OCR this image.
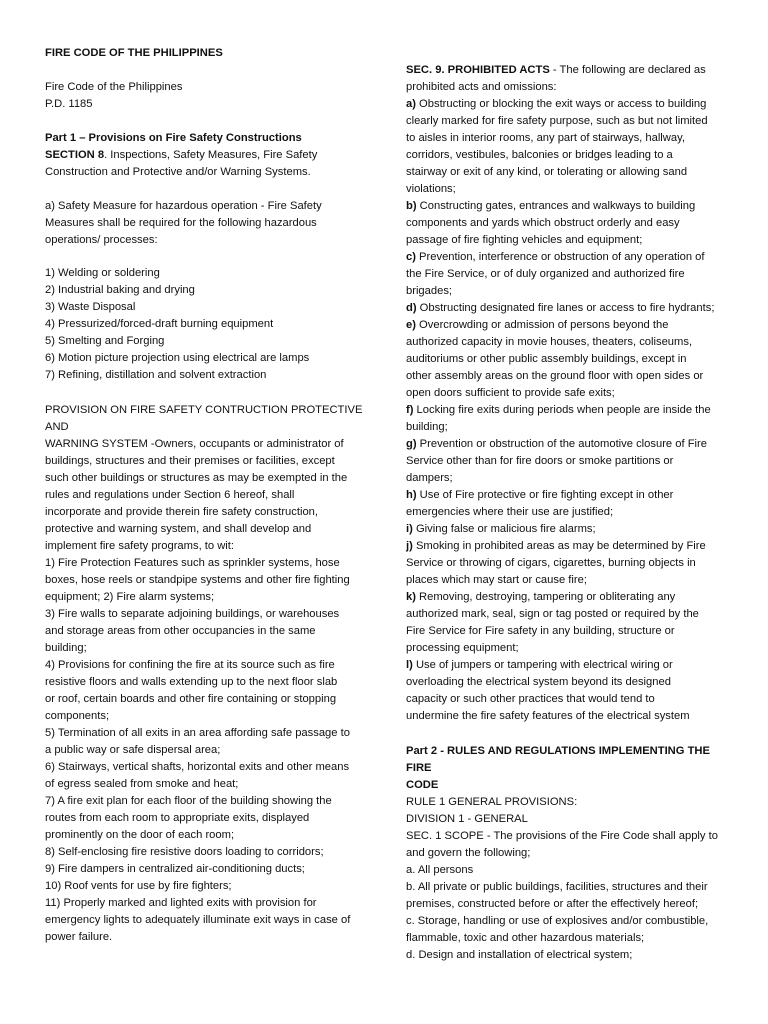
FIRE CODE OF THE PHILIPPINES

Fire Code of the Philippines

P.D. 1185

Part 1 – Provisions on Fire Safety Constructions

SECTION 8. Inspections, Safety Measures, Fire Safety

Construction and Protective and/or Warning Systems.

a) Safety Measure for hazardous operation - Fire Safety

Measures shall be required for the following hazardous

operations/ processes:

1) Welding or soldering

2) Industrial baking and drying

3) Waste Disposal

4) Pressurized/forced-draft burning equipment

5) Smelting and Forging

6) Motion picture projection using electrical are lamps

7) Refining, distillation and solvent extraction

PROVISION ON FIRE SAFETY CONTRUCTION PROTECTIVE AND

WARNING SYSTEM -Owners, occupants or administrator of

buildings, structures and their premises or facilities, except

such other buildings or structures as may be exempted in the

rules and regulations under Section 6 hereof, shall

incorporate and provide therein fire safety construction,

protective and warning system, and shall develop and

implement fire safety programs, to wit:

1) Fire Protection Features such as sprinkler systems, hose

boxes, hose reels or standpipe systems and other fire fighting

equipment; 2) Fire alarm systems;

3) Fire walls to separate adjoining buildings, or warehouses

and storage areas from other occupancies in the same

building;

4) Provisions for confining the fire at its source such as fire

resistive floors and walls extending up to the next floor slab

or roof, certain boards and other fire containing or stopping

components;

5) Termination of all exits in an area affording safe passage to

a public way or safe dispersal area;

6) Stairways, vertical shafts, horizontal exits and other means

of egress sealed from smoke and heat;

7) A fire exit plan for each floor of the building showing the

routes from each room to appropriate exits, displayed

prominently on the door of each room;

8) Self-enclosing fire resistive doors loading to corridors;

9) Fire dampers in centralized air-conditioning ducts;

10) Roof vents for use by fire fighters;

11) Properly marked and lighted exits with provision for

emergency lights to adequately illuminate exit ways in case of

power failure.

SEC. 9. PROHIBITED ACTS - The following are declared as

prohibited acts and omissions:

a) Obstructing or blocking the exit ways or access to building

clearly marked for fire safety purpose, such as but not limited

to aisles in interior rooms, any part of stairways, hallway,

corridors, vestibules, balconies or bridges leading to a

stairway or exit of any kind, or tolerating or allowing sand

violations;

b) Constructing gates, entrances and walkways to building

components and yards which obstruct orderly and easy

passage of fire fighting vehicles and equipment;

c) Prevention, interference or obstruction of any operation of

the Fire Service, or of duly organized and authorized fire

brigades;

d) Obstructing designated fire lanes or access to fire hydrants;

e) Overcrowding or admission of persons beyond the

authorized capacity in movie houses, theaters, coliseums,

auditoriums or other public assembly buildings, except in

other assembly areas on the ground floor with open sides or

open doors sufficient to provide safe exits;

f) Locking fire exits during periods when people are inside the

building;

g) Prevention or obstruction of the automotive closure of Fire

Service other than for fire doors or smoke partitions or

dampers;

h) Use of Fire protective or fire fighting except in other

emergencies where their use are justified;

i) Giving false or malicious fire alarms;

j) Smoking in prohibited areas as may be determined by Fire

Service or throwing of cigars, cigarettes, burning objects in

places which may start or cause fire;

k) Removing, destroying, tampering or obliterating any

authorized mark, seal, sign or tag posted or required by the

Fire Service for Fire safety in any building, structure or

processing equipment;

l) Use of jumpers or tampering with electrical wiring or

overloading the electrical system beyond its designed

capacity or such other practices that would tend to

undermine the fire safety features of the electrical system

Part 2 - RULES AND REGULATIONS IMPLEMENTING THE FIRE

CODE

RULE 1 GENERAL PROVISIONS:

DIVISION 1 - GENERAL

SEC. 1 SCOPE - The provisions of the Fire Code shall apply to

and govern the following;

a. All persons

b. All private or public buildings, facilities, structures and their

premises, constructed before or after the effectively hereof;

c. Storage, handling or use of explosives and/or combustible,

flammable, toxic and other hazardous materials;

d. Design and installation of electrical system;
